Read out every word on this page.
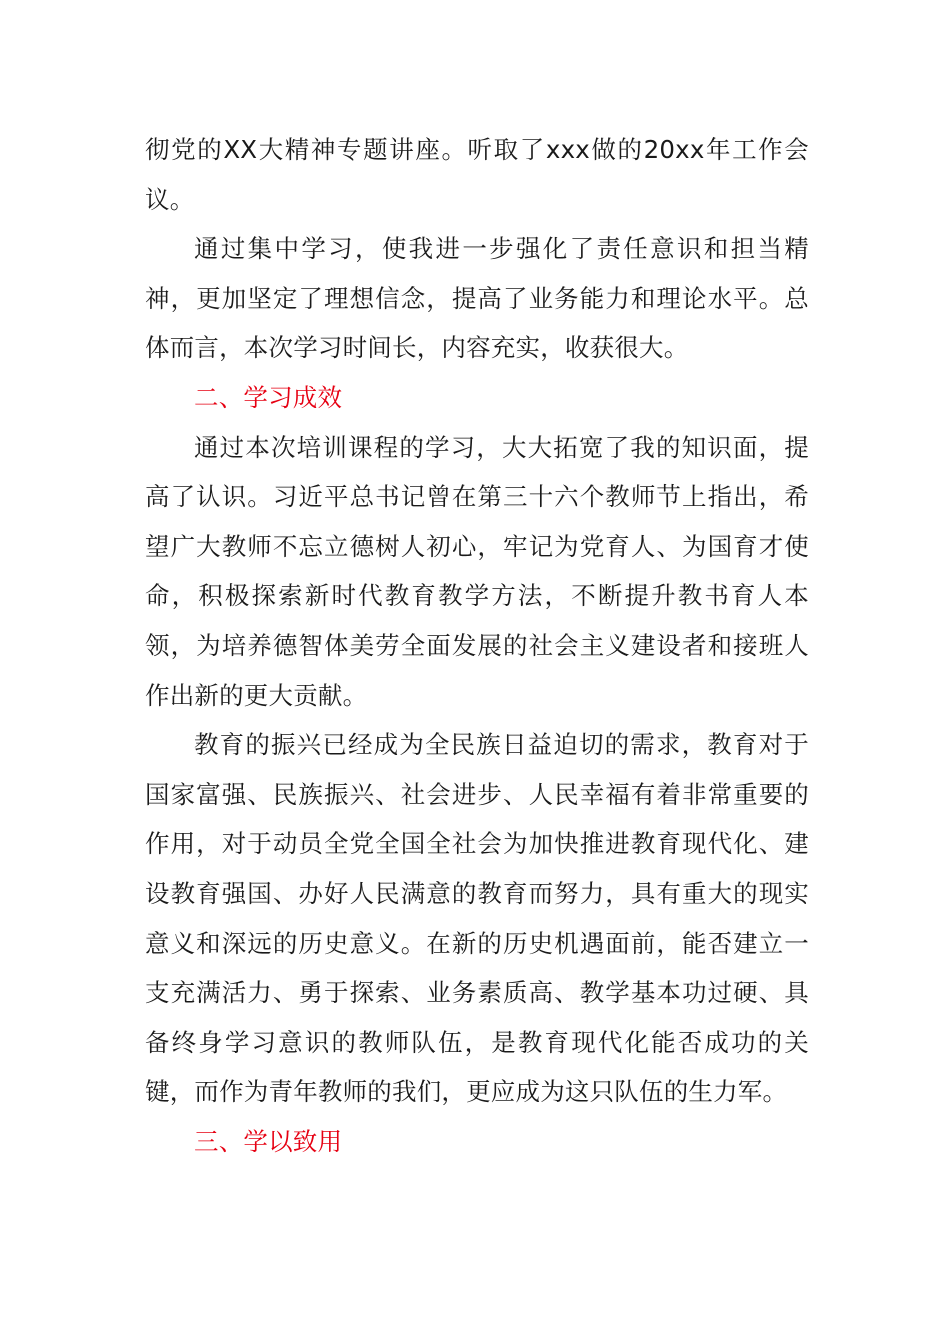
彻党的XX大精神专题讲座。听取了xxx做的20xx年工作会议。

通过集中学习，使我进一步强化了责任意识和担当精神，更加坚定了理想信念，提高了业务能力和理论水平。总体而言，本次学习时间长，内容充实，收获很大。

二、学习成效

通过本次培训课程的学习，大大拓宽了我的知识面，提高了认识。习近平总书记曾在第三十六个教师节上指出，希望广大教师不忘立德树人初心，牢记为党育人、为国育才使命，积极探索新时代教育教学方法，不断提升教书育人本领，为培养德智体美劳全面发展的社会主义建设者和接班人作出新的更大贡献。

教育的振兴已经成为全民族日益迫切的需求，教育对于国家富强、民族振兴、社会进步、人民幸福有着非常重要的作用，对于动员全党全国全社会为加快推进教育现代化、建设教育强国、办好人民满意的教育而努力，具有重大的现实意义和深远的历史意义。在新的历史机遇面前，能否建立一支充满活力、勇于探索、业务素质高、教学基本功过硬、具备终身学习意识的教师队伍，是教育现代化能否成功的关键，而作为青年教师的我们，更应成为这只队伍的生力军。

三、学以致用
